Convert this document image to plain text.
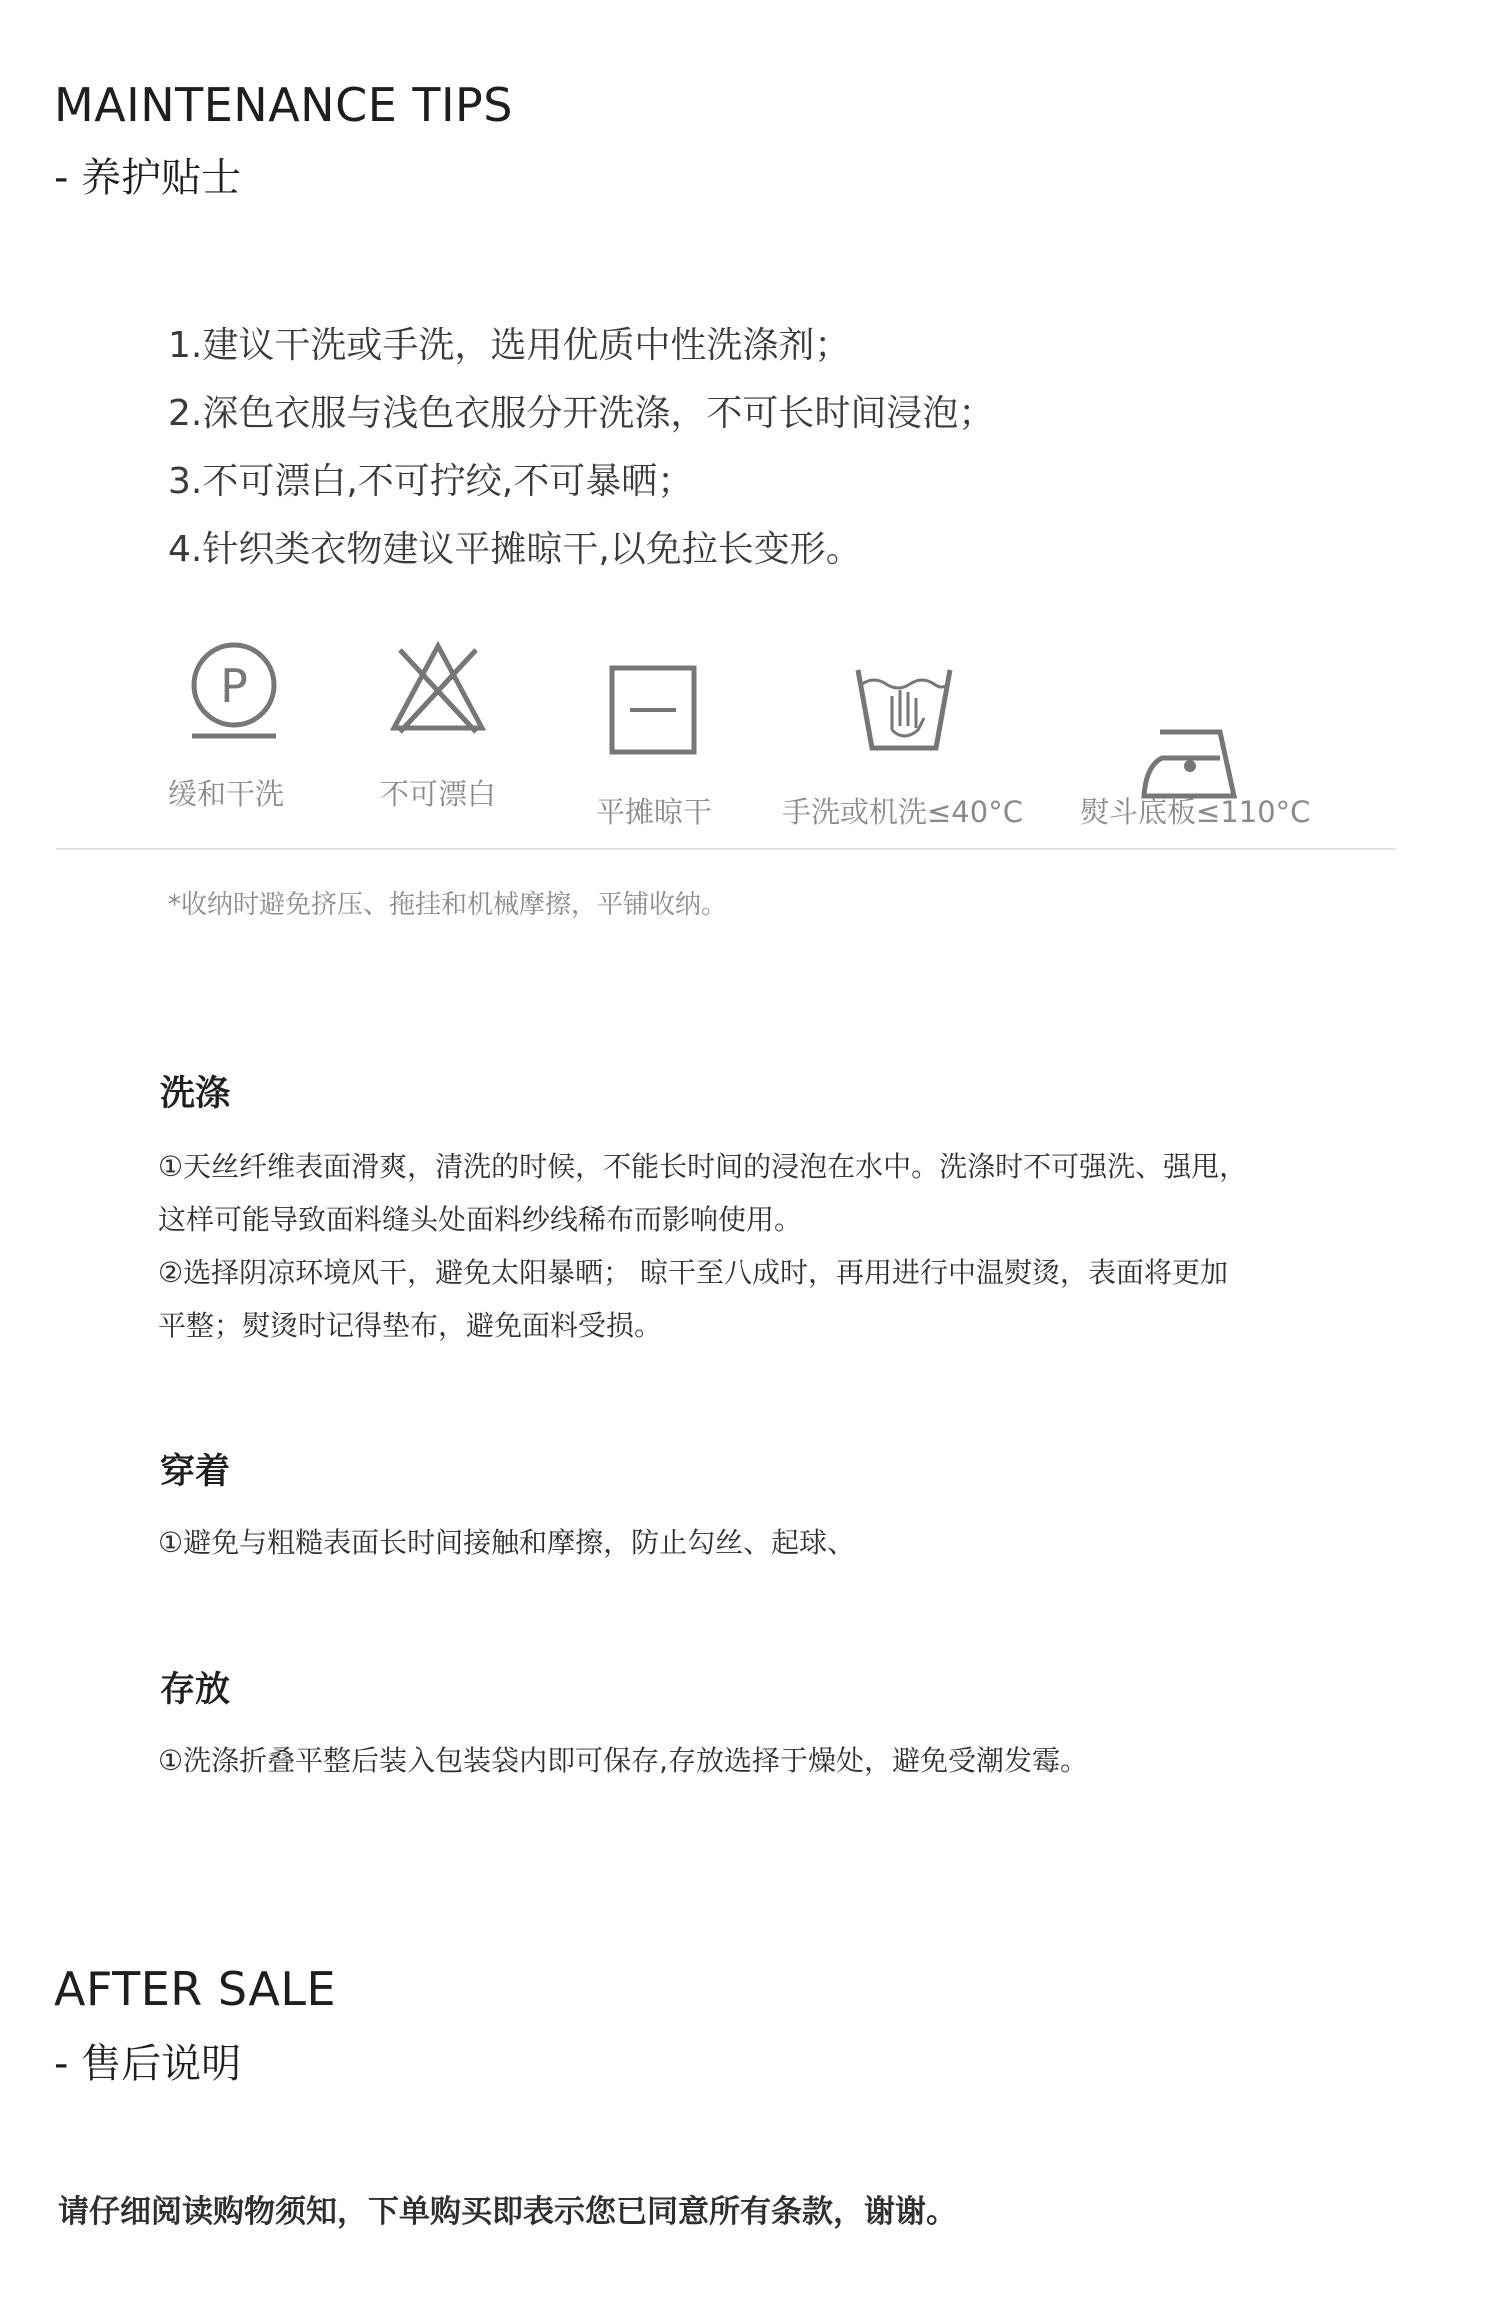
MAINTENANCE TIPS
- 养护贴士
1.建议干洗或手洗，选用优质中性洗涤剂；
2.深色衣服与浅色衣服分开洗涤，不可长时间浸泡；
3.不可漂白,不可拧绞,不可暴晒；
4.针织类衣物建议平摊晾干,以免拉长变形。
P
缓和干洗	不可漂白
平摊晾干 手洗或机洗≤40°C 熨斗底板≤110°C
*收纳时避免挤压、拖挂和机械摩擦，平铺收纳。
洗涤
①天丝纤维表面滑爽，清洗的时候，不能长时间的浸泡在水中。洗涤时不可强洗、强甩，
这样可能导致面料缝头处面料纱线稀布而影响使用。
②选择阴凉环境风干，避免太阳暴晒； 晾干至八成时，再用进行中温熨烫，表面将更加
平整；熨烫时记得垫布，避免面料受损。
穿着
①避免与粗糙表面长时间接触和摩擦，防止勾丝、起球、
存放
①洗涤折叠平整后装入包装袋内即可保存,存放选择于燥处，避免受潮发霉。
AFTER SALE
- 售后说明
请仔细阅读购物须知，下单购买即表示您已同意所有条款，谢谢。
